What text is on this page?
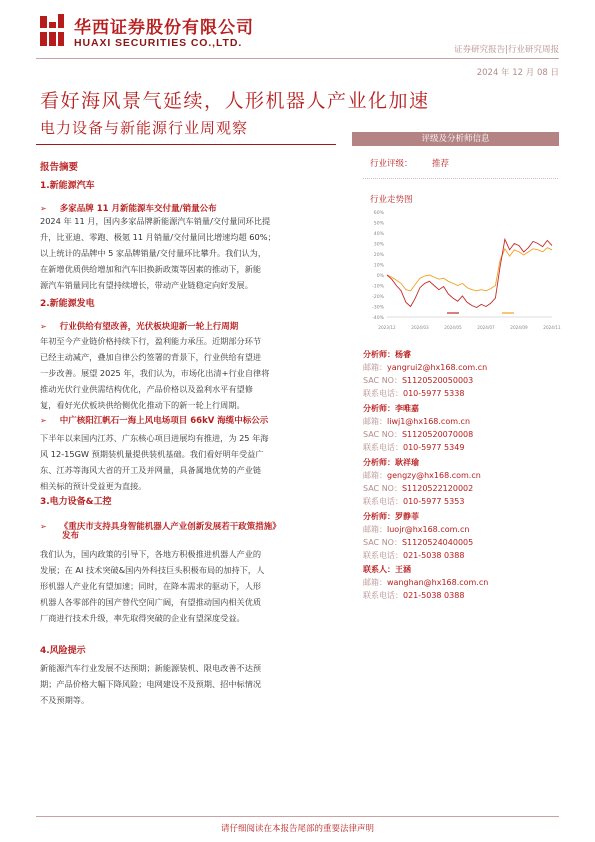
华西证券股份有限公司
HUAXI SECURITIES CO.,LTD.
证券研究报告|行业研究周报
2024 年 12 月 08 日
看好海风景气延续，人形机器人产业化加速
电力设备与新能源行业周观察
报告摘要
1.新能源汽车
➢ 多家品牌 11 月新能源车交付量/销量公布
2024 年 11 月，国内多家品牌新能源汽车销量/交付量同环比提
升，比亚迪、零跑、极氪 11 月销量/交付量同比增速均超 60%；
以上统计的品牌中 5 家品牌销量/交付量环比攀升。我们认为，
在新增优质供给增加和汽车旧换新政策等因素的推动下，新能
源汽车销量同比有望持续增长，带动产业链稳定向好发展。
2.新能源发电
➢ 行业供给有望改善，光伏板块迎新一轮上行周期
年初至今产业链价格持续下行，盈利能力承压。近期部分环节
已经主动减产，叠加自律公约签署的背景下，行业供给有望进
一步改善。展望 2025 年，我们认为，市场化出清+行业自律将
推动光伏行业供需结构优化，产品价格以及盈利水平有望修
复，看好光伏板块供给侧优化推动下的新一轮上行周期。
➢ 中广核阳江帆石一海上风电场项目 66kV 海缆中标公示
下半年以来国内江苏、广东核心项目进展均有推进，为 25 年海
风 12-15GW 预期装机量提供装机基础。我们看好明年受益广
东、江苏等海风大省的开工及并网量，具备属地优势的产业链
相关标的预计受益更为直接。
3.电力设备&工控
➢ 《重庆市支持具身智能机器人产业创新发展若干政策措施》
发布
我们认为，国内政策的引导下，各地方积极推进机器人产业的
发展；在 AI 技术突破&国内外科技巨头积极布局的加持下，人
形机器人产业化有望加速；同时，在降本需求的驱动下，人形
机器人各零部件的国产替代空间广阔，有望推动国内相关优质
厂商进行技术升级，率先取得突破的企业有望深度受益。
4.风险提示
新能源汽车行业发展不达预期；新能源装机、限电改善不达预
期；产品价格大幅下降风险；电网建设不及预期、招中标情况
不及预期等。
评级及分析师信息
行业评级： 推荐
行业走势图
60%
50%
40%
30%
20%
10%
0%
-10%
-20%
-30%
-40%
2023/12	2024/03	2024/05	2024/07	2024/09	2024/11
分析师：杨睿
邮箱：yangrui2@hx168.com.cn
SAC NO：S1120520050003
联系电话：010-5977 5338
分析师：李唯嘉
邮箱：liwj1@hx168.com.cn
SAC NO：S1120520070008
联系电话：010-5977 5349
分析师：耿祥瑜
邮箱：gengzy@hx168.com.cn
SAC NO：S1120522120002
联系电话：010-5977 5353
分析师：罗静菲
邮箱：luojr@hx168.com.cn
SAC NO：S1120524040005
联系电话：021-5038 0388
联系人：王涵
邮箱：wanghan@hx168.com.cn
联系电话：021-5038 0388
请仔细阅读在本报告尾部的重要法律声明
